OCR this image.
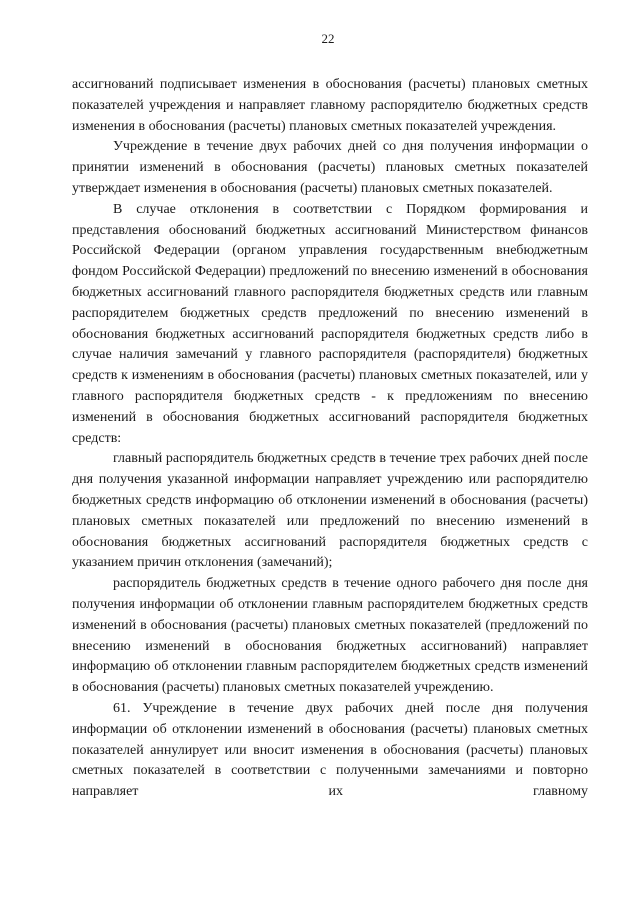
22

ассигнований подписывает изменения в обоснования (расчеты) плановых сметных показателей учреждения и направляет главному распорядителю бюджетных средств изменения в обоснования (расчеты) плановых сметных показателей учреждения.

Учреждение в течение двух рабочих дней со дня получения информации о принятии изменений в обоснования (расчеты) плановых сметных показателей утверждает изменения в обоснования (расчеты) плановых сметных показателей.

В случае отклонения в соответствии с Порядком формирования и представления обоснований бюджетных ассигнований Министерством финансов Российской Федерации (органом управления государственным внебюджетным фондом Российской Федерации) предложений по внесению изменений в обоснования бюджетных ассигнований главного распорядителя бюджетных средств или главным распорядителем бюджетных средств предложений по внесению изменений в обоснования бюджетных ассигнований распорядителя бюджетных средств либо в случае наличия замечаний у главного распорядителя (распорядителя) бюджетных средств к изменениям в обоснования (расчеты) плановых сметных показателей, или у главного распорядителя бюджетных средств - к предложениям по внесению изменений в обоснования бюджетных ассигнований распорядителя бюджетных средств:

главный распорядитель бюджетных средств в течение трех рабочих дней после дня получения указанной информации направляет учреждению или распорядителю бюджетных средств информацию об отклонении изменений в обоснования (расчеты) плановых сметных показателей или предложений по внесению изменений в обоснования бюджетных ассигнований распорядителя бюджетных средств с указанием причин отклонения (замечаний);

распорядитель бюджетных средств в течение одного рабочего дня после дня получения информации об отклонении главным распорядителем бюджетных средств изменений в обоснования (расчеты) плановых сметных показателей (предложений по внесению изменений в обоснования бюджетных ассигнований) направляет информацию об отклонении главным распорядителем бюджетных средств изменений в обоснования (расчеты) плановых сметных показателей учреждению.

61. Учреждение в течение двух рабочих дней после дня получения информации об отклонении изменений в обоснования (расчеты) плановых сметных показателей аннулирует или вносит изменения в обоснования (расчеты) плановых сметных показателей в соответствии с полученными замечаниями и повторно направляет их главному
